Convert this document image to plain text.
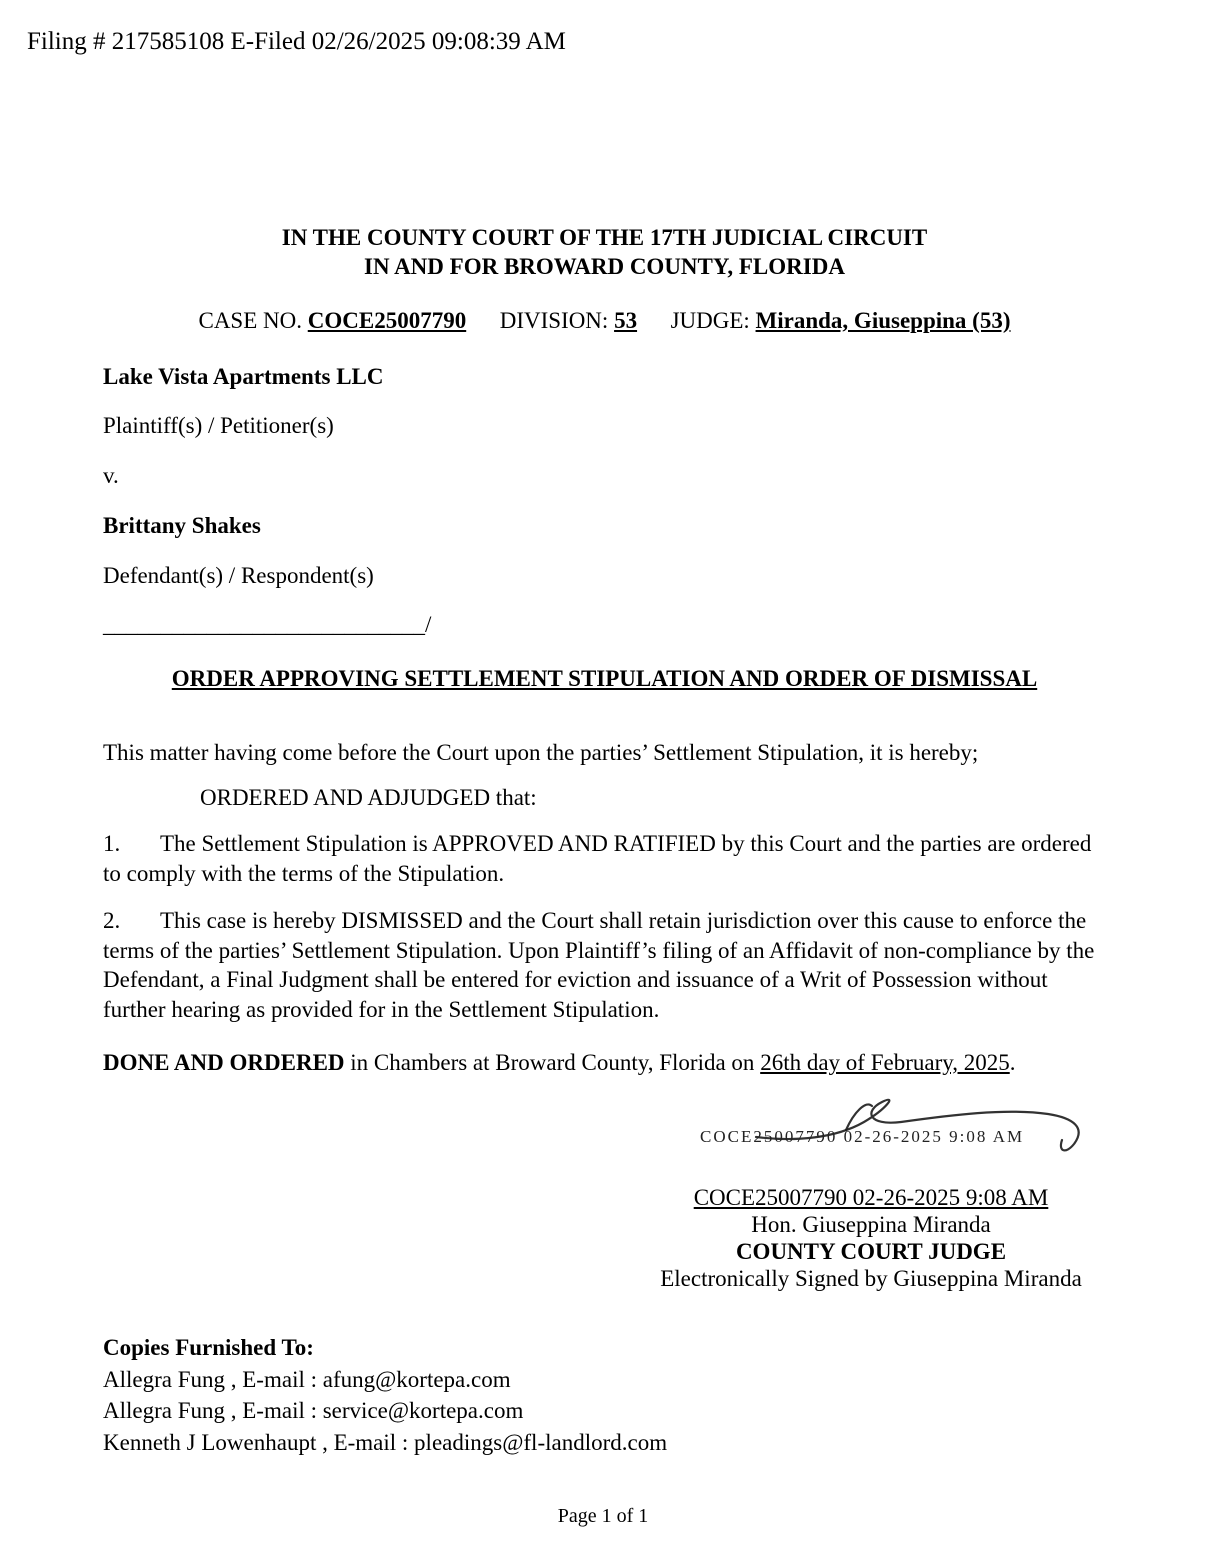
Filing # 217585108 E-Filed 02/26/2025 09:08:39 AM
IN THE COUNTY COURT OF THE 17TH JUDICIAL CIRCUIT
IN AND FOR BROWARD COUNTY, FLORIDA
CASE NO. COCE25007790 DIVISION: 53 JUDGE: Miranda, Giuseppina (53)

Lake Vista Apartments LLC

Plaintiff(s) / Petitioner(s)

v.

Brittany Shakes

Defendant(s) / Respondent(s)

____________________________/

ORDER APPROVING SETTLEMENT STIPULATION AND ORDER OF DISMISSAL

This matter having come before the Court upon the parties’ Settlement Stipulation, it is hereby;

ORDERED AND ADJUDGED that:

1. The Settlement Stipulation is APPROVED AND RATIFIED by this Court and the parties are ordered to comply with the terms of the Stipulation.

2. This case is hereby DISMISSED and the Court shall retain jurisdiction over this cause to enforce the terms of the parties’ Settlement Stipulation. Upon Plaintiff’s filing of an Affidavit of non-compliance by the Defendant, a Final Judgment shall be entered for eviction and issuance of a Writ of Possession without further hearing as provided for in the Settlement Stipulation.

DONE AND ORDERED in Chambers at Broward County, Florida on 26th day of February, 2025.

COCE25007790 02-26-2025 9:08 AM
COCE25007790 02-26-2025 9:08 AM
Hon. Giuseppina Miranda
COUNTY COURT JUDGE
Electronically Signed by Giuseppina Miranda

Copies Furnished To:

Allegra Fung , E-mail : afung@kortepa.com

Allegra Fung , E-mail : service@kortepa.com

Kenneth J Lowenhaupt , E-mail : pleadings@fl-landlord.com

Page 1 of 1
